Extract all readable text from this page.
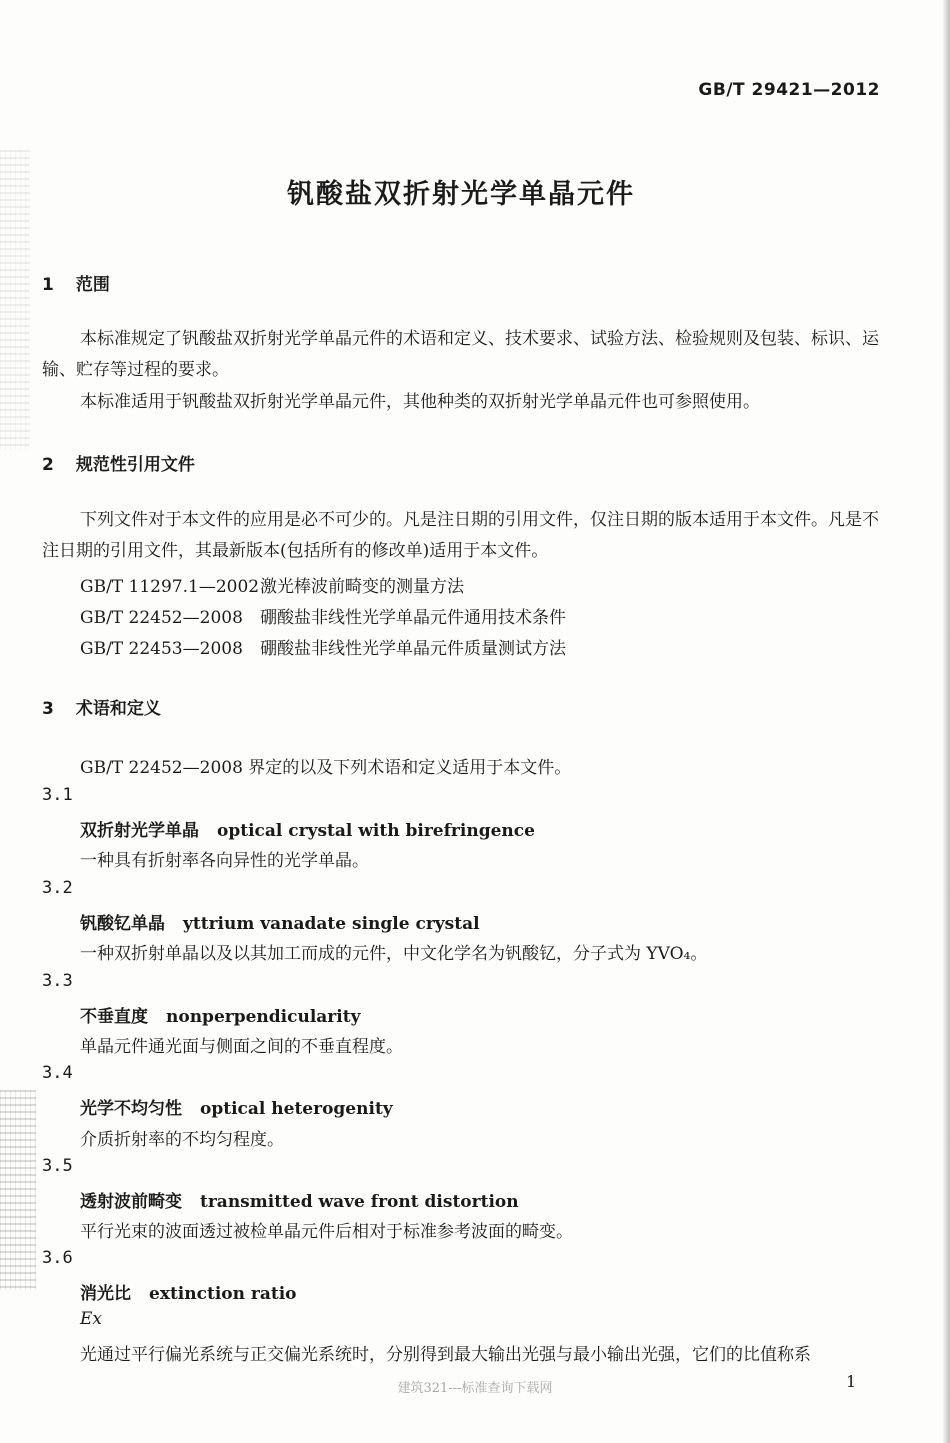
GB/T 29421—2012
钒酸盐双折射光学单晶元件
1 范围
本标准规定了钒酸盐双折射光学单晶元件的术语和定义、技术要求、试验方法、检验规则及包装、标识、运输、贮存等过程的要求。
本标准适用于钒酸盐双折射光学单晶元件，其他种类的双折射光学单晶元件也可参照使用。
2 规范性引用文件
下列文件对于本文件的应用是必不可少的。凡是注日期的引用文件，仅注日期的版本适用于本文件。凡是不注日期的引用文件，其最新版本(包括所有的修改单)适用于本文件。
GB/T 11297.1—2002激光棒波前畸变的测量方法
GB/T 22452—2008 硼酸盐非线性光学单晶元件通用技术条件
GB/T 22453—2008 硼酸盐非线性光学单晶元件质量测试方法
3 术语和定义
GB/T 22452—2008 界定的以及下列术语和定义适用于本文件。
3.1
双折射光学单晶 optical crystal with birefringence
一种具有折射率各向异性的光学单晶。
3.2
钒酸钇单晶 yttrium vanadate single crystal
一种双折射单晶以及以其加工而成的元件，中文化学名为钒酸钇，分子式为 YVO₄。
3.3
不垂直度 nonperpendicularity
单晶元件通光面与侧面之间的不垂直程度。
3.4
光学不均匀性 optical heterogenity
介质折射率的不均匀程度。
3.5
透射波前畸变 transmitted wave front distortion
平行光束的波面透过被检单晶元件后相对于标准参考波面的畸变。
3.6
消光比 extinction ratio
Ex
光通过平行偏光系统与正交偏光系统时，分别得到最大输出光强与最小输出光强，它们的比值称系
建筑321---标准查询下载网	1
